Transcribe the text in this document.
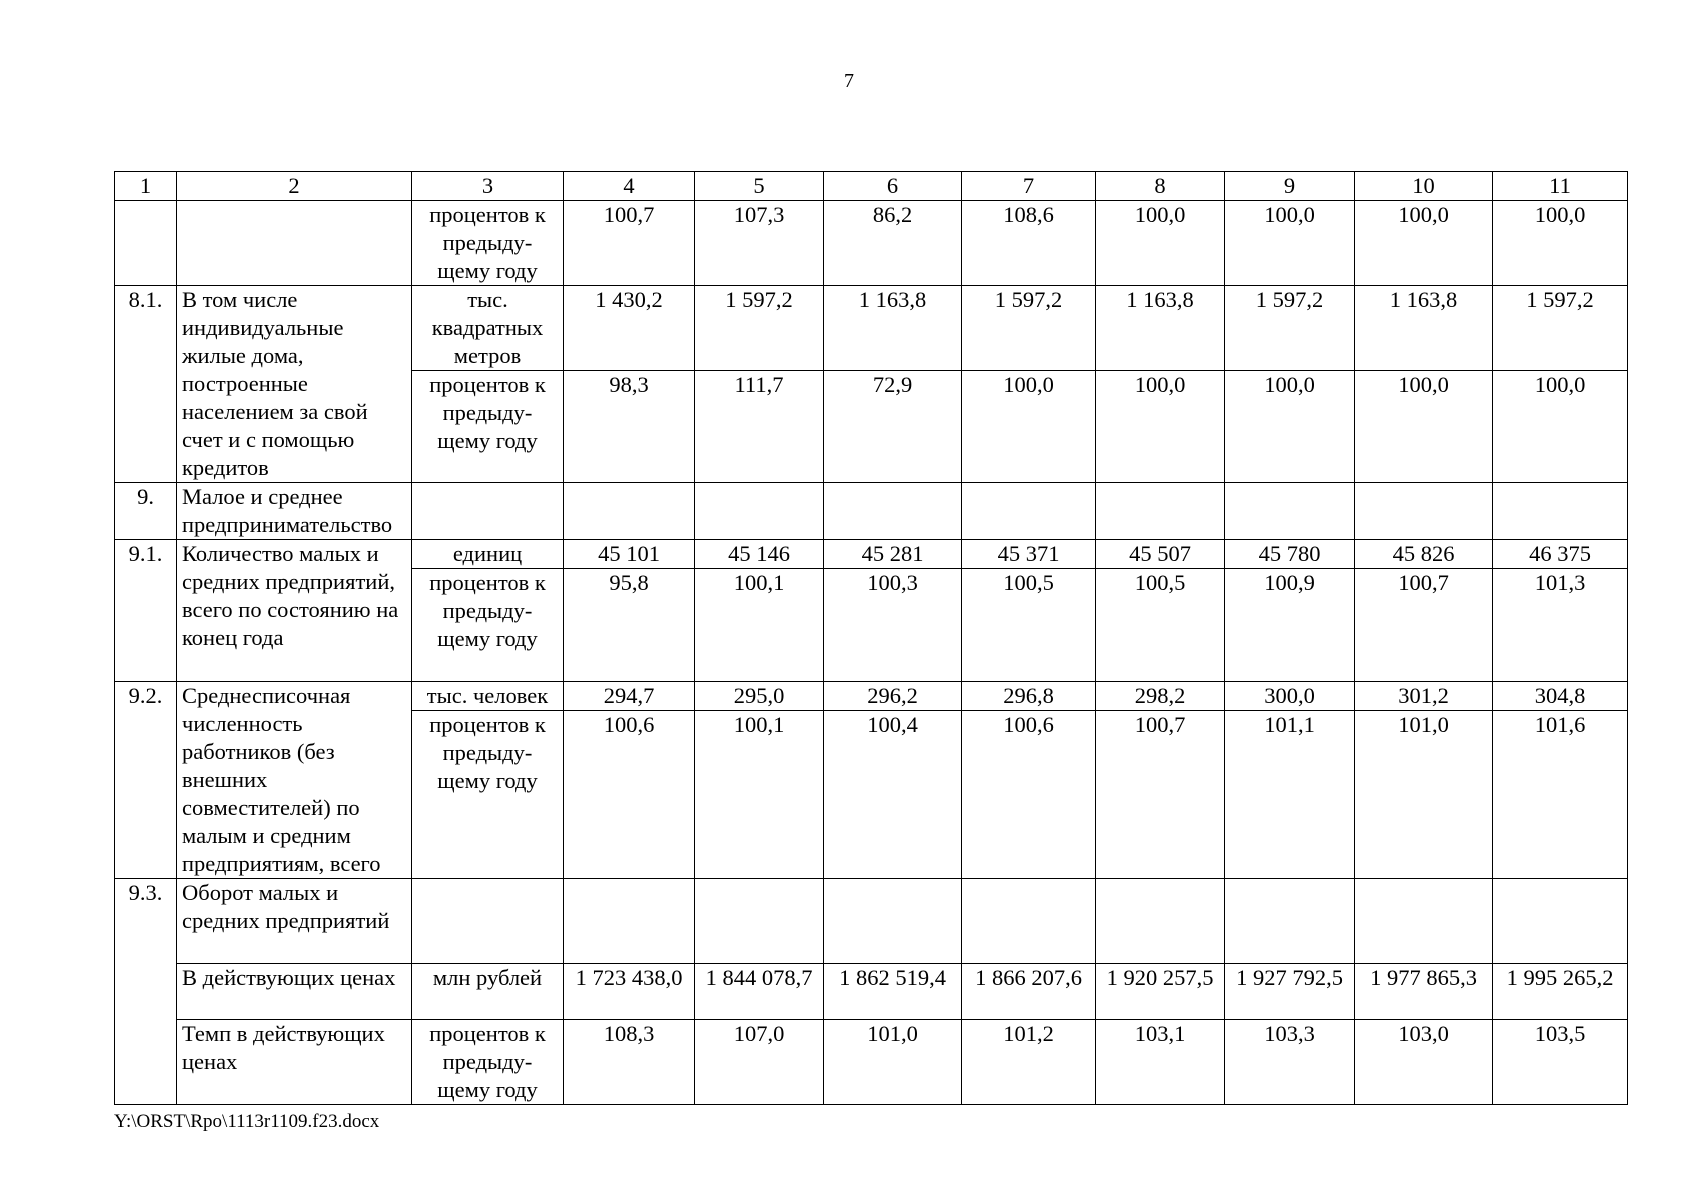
7
1	2	3	4	5	6	7	8	9	10	11
		процентов к предыду- щему году	100,7	107,3	86,2	108,6	100,0	100,0	100,0	100,0
8.1.	В том числе индивидуальные жилые дома, построенные населением за свой счет и с помощью кредитов	тыс. квадратных метров	1 430,2	1 597,2	1 163,8	1 597,2	1 163,8	1 597,2	1 163,8	1 597,2
		процентов к предыду- щему году	98,3	111,7	72,9	100,0	100,0	100,0	100,0	100,0
9.	Малое и среднее предпринимательство									
9.1.	Количество малых и средних предприятий, всего по состоянию на конец года	единиц	45 101	45 146	45 281	45 371	45 507	45 780	45 826	46 375
		процентов к предыду- щему году	95,8	100,1	100,3	100,5	100,5	100,9	100,7	101,3
9.2.	Среднесписочная численность работников (без внешних совместителей) по малым и средним предприятиям, всего	тыс. человек	294,7	295,0	296,2	296,8	298,2	300,0	301,2	304,8
		процентов к предыду- щему году	100,6	100,1	100,4	100,6	100,7	101,1	101,0	101,6
9.3.	Оборот малых и средних предприятий									
	В действующих ценах	млн рублей	1 723 438,0	1 844 078,7	1 862 519,4	1 866 207,6	1 920 257,5	1 927 792,5	1 977 865,3	1 995 265,2
	Темп в действующих ценах	процентов к предыду- щему году	108,3	107,0	101,0	101,2	103,1	103,3	103,0	103,5
Y:\ORST\Rpo\1113r1109.f23.docx
